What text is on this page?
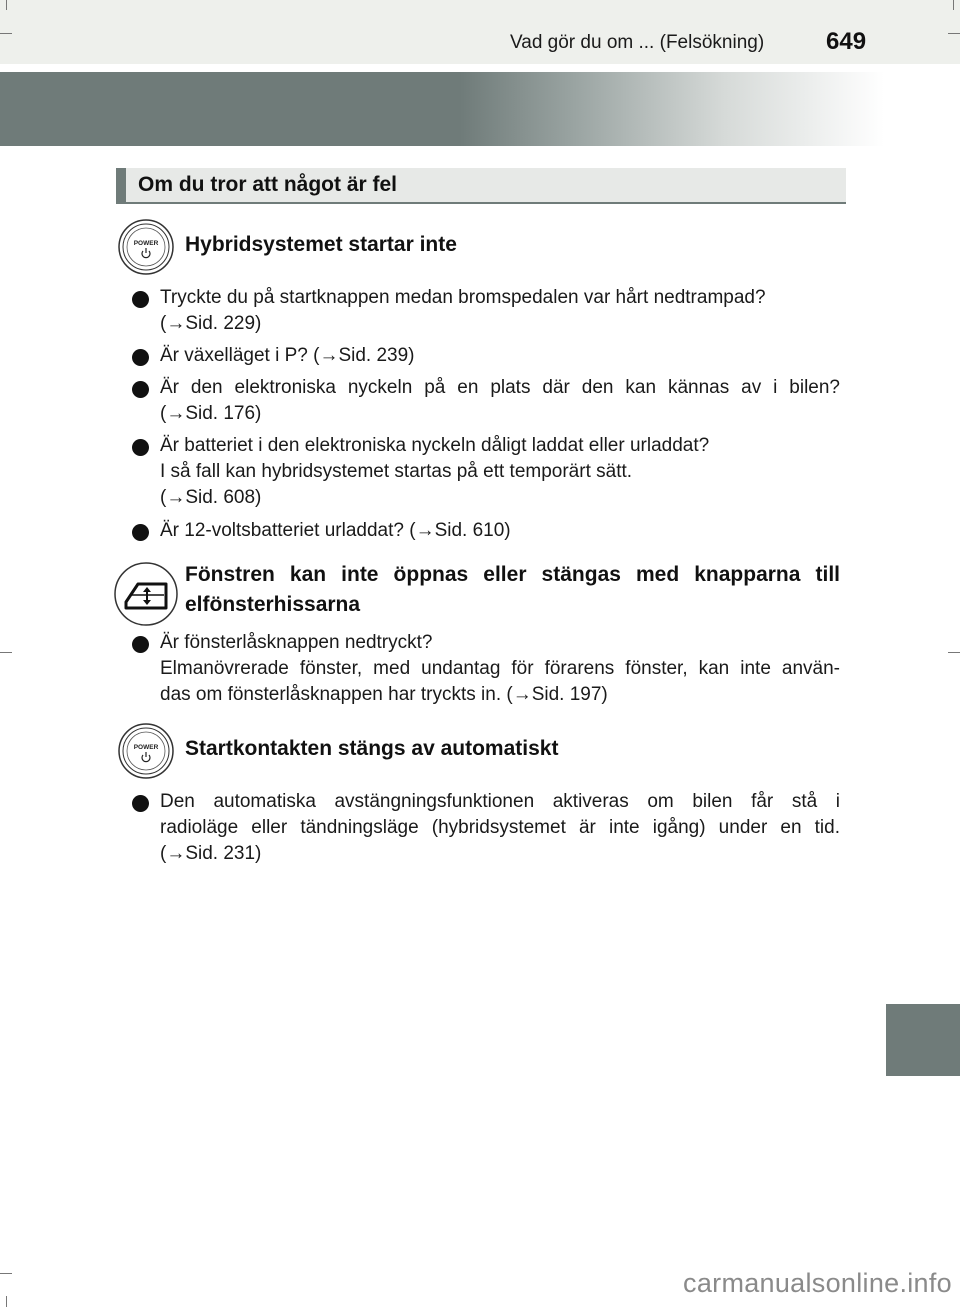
Vad gör du om ... (Felsökning)	649
Om du tror att något är fel
POWER Hybridsystemet startar inte
Tryckte du på startknappen medan bromspedalen var hårt nedtrampad?
(→Sid. 229)
Är växelläget i P? (→Sid. 239)
Är den elektroniska nyckeln på en plats där den kan kännas av i bilen?
(→Sid. 176)
Är batteriet i den elektroniska nyckeln dåligt laddat eller urladdat?
I så fall kan hybridsystemet startas på ett temporärt sätt.
(→Sid. 608)
Är 12-voltsbatteriet urladdat? (→Sid. 610)
Fönstren kan inte öppnas eller stängas med knapparna till
elfönsterhissarna
Är fönsterlåsknappen nedtryckt?
Elmanövrerade fönster, med undantag för förarens fönster, kan inte använ-
das om fönsterlåsknappen har tryckts in. (→Sid. 197)
POWER Startkontakten stängs av automatiskt
Den automatiska avstängningsfunktionen aktiveras om bilen får stå i
radioläge eller tändningsläge (hybridsystemet är inte igång) under en tid.
(→Sid. 231)
carmanualsonline.info
